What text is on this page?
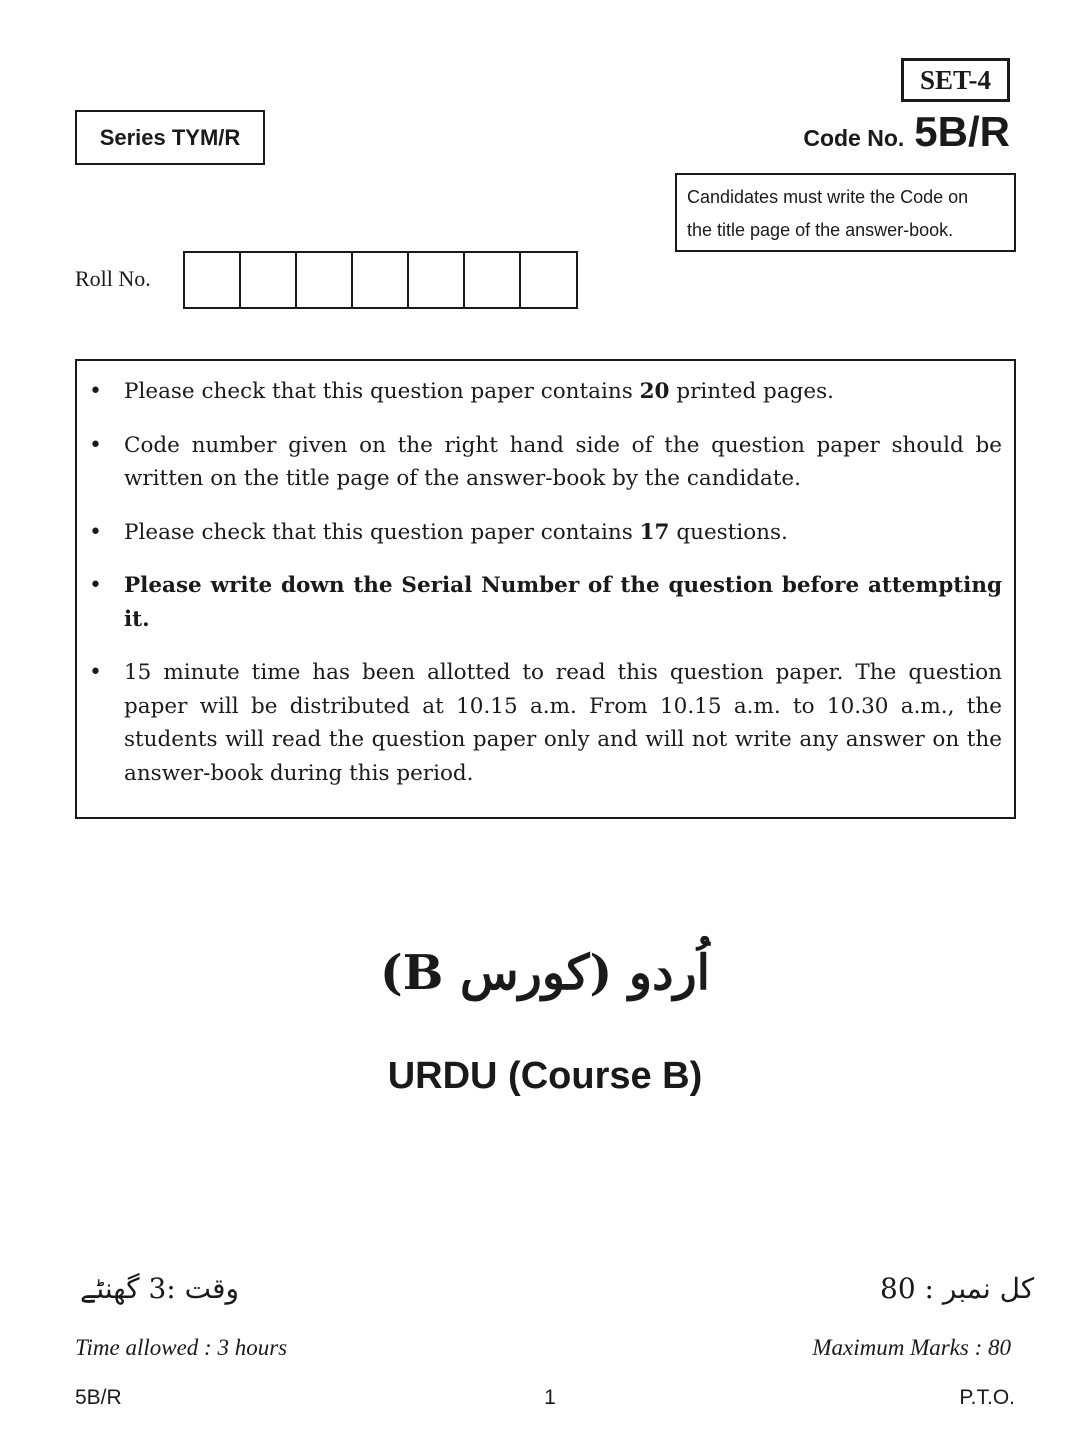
SET-4
Series TYM/R	Code No. 5B/R
Candidates must write the Code on
the title page of the answer-book.
Roll No.
•	Please check that this question paper contains 20 printed pages.
•	Code number given on the right hand side of the question paper should be written on the title page of the answer-book by the candidate.
•	Please check that this question paper contains 17 questions.
•	Please write down the Serial Number of the question before attempting it.
•	15 minute time has been allotted to read this question paper. The question paper will be distributed at 10.15 a.m. From 10.15 a.m. to 10.30 a.m., the students will read the question paper only and will not write any answer on the answer-book during this period.
اُردو (کورس B)
URDU (Course B)
وقت :3 گھنٹے	کل نمبر : 80
Time allowed : 3 hours	Maximum Marks : 80
5B/R	1	P.T.O.
